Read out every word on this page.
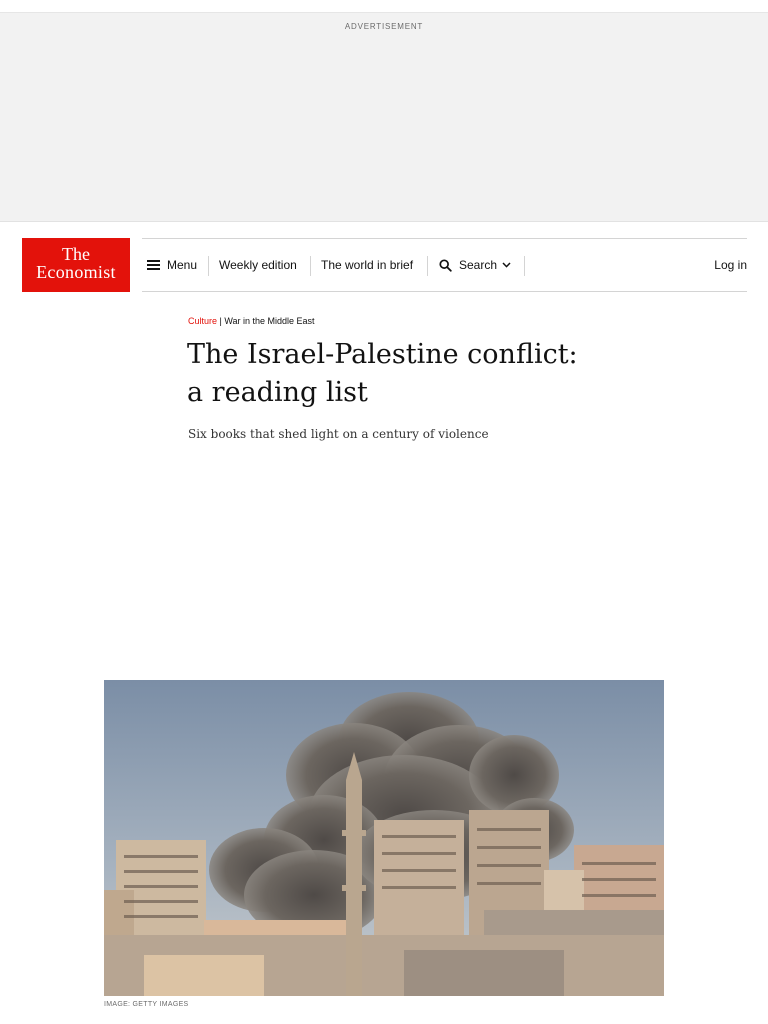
ADVERTISEMENT
The
Economist	Menu Weekly edition The world in brief	Search	Log in
Culture | War in the Middle East
The Israel-Palestine conflict:
a reading list

Six books that shed light on a century of violence

IMAGE: GETTY IMAGES
